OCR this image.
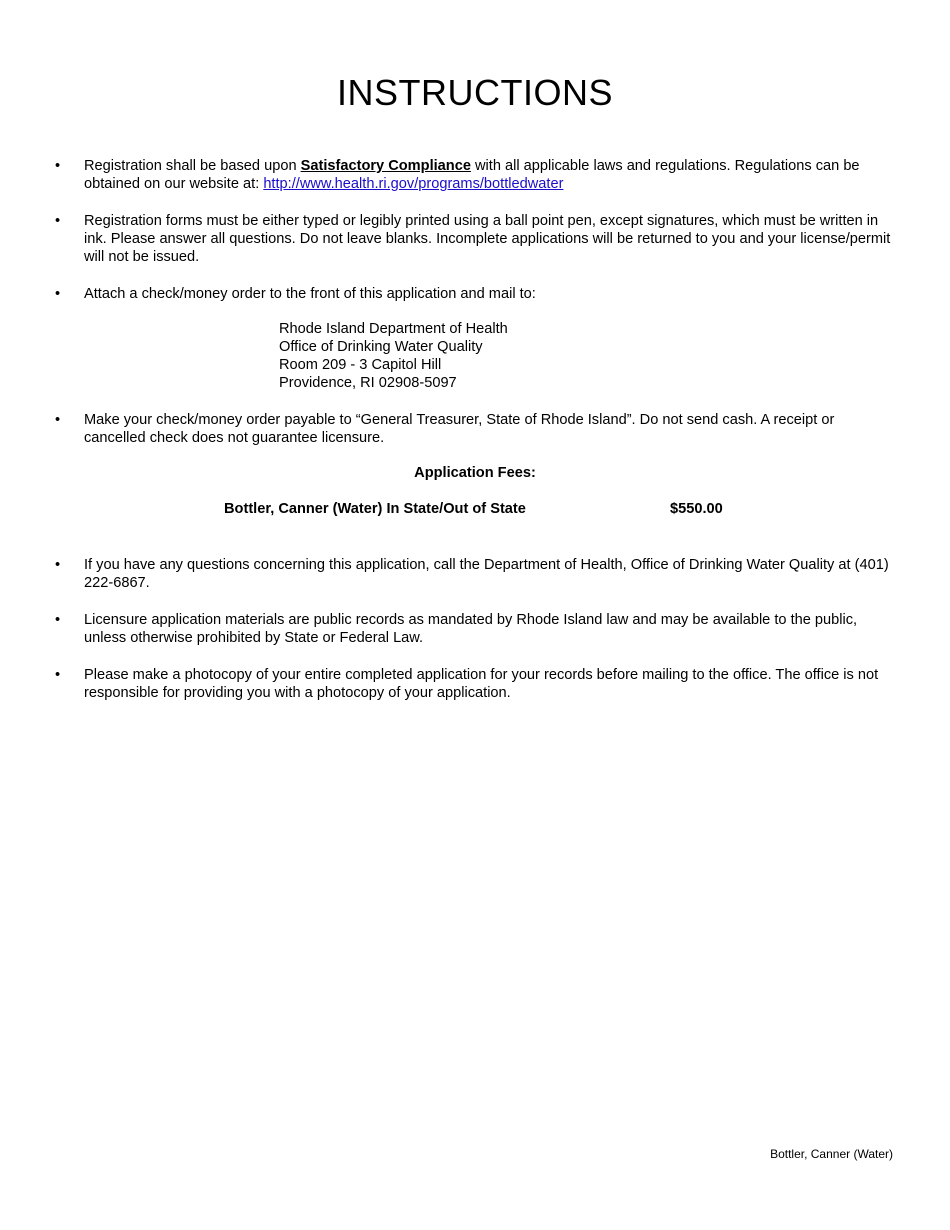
INSTRUCTIONS
•	Registration shall be based upon Satisfactory Compliance with all applicable laws and regulations. Regulations can be obtained on our website at: http://www.health.ri.gov/programs/bottledwater
•	Registration forms must be either typed or legibly printed using a ball point pen, except signatures, which must be written in ink. Please answer all questions. Do not leave blanks. Incomplete applications will be returned to you and your license/permit will not be issued.
•	Attach a check/money order to the front of this application and mail to:
Rhode Island Department of Health
Office of Drinking Water Quality
Room 209 - 3 Capitol Hill
Providence, RI 02908-5097
•	Make your check/money order payable to “General Treasurer, State of Rhode Island”. Do not send cash. A receipt or cancelled check does not guarantee licensure.
Application Fees:
Bottler, Canner (Water) In State/Out of State	$550.00
•	If you have any questions concerning this application, call the Department of Health, Office of Drinking Water Quality at (401) 222-6867.
•	Licensure application materials are public records as mandated by Rhode Island law and may be available to the public, unless otherwise prohibited by State or Federal Law.
•	Please make a photocopy of your entire completed application for your records before mailing to the office. The office is not responsible for providing you with a photocopy of your application.
Bottler, Canner (Water)
